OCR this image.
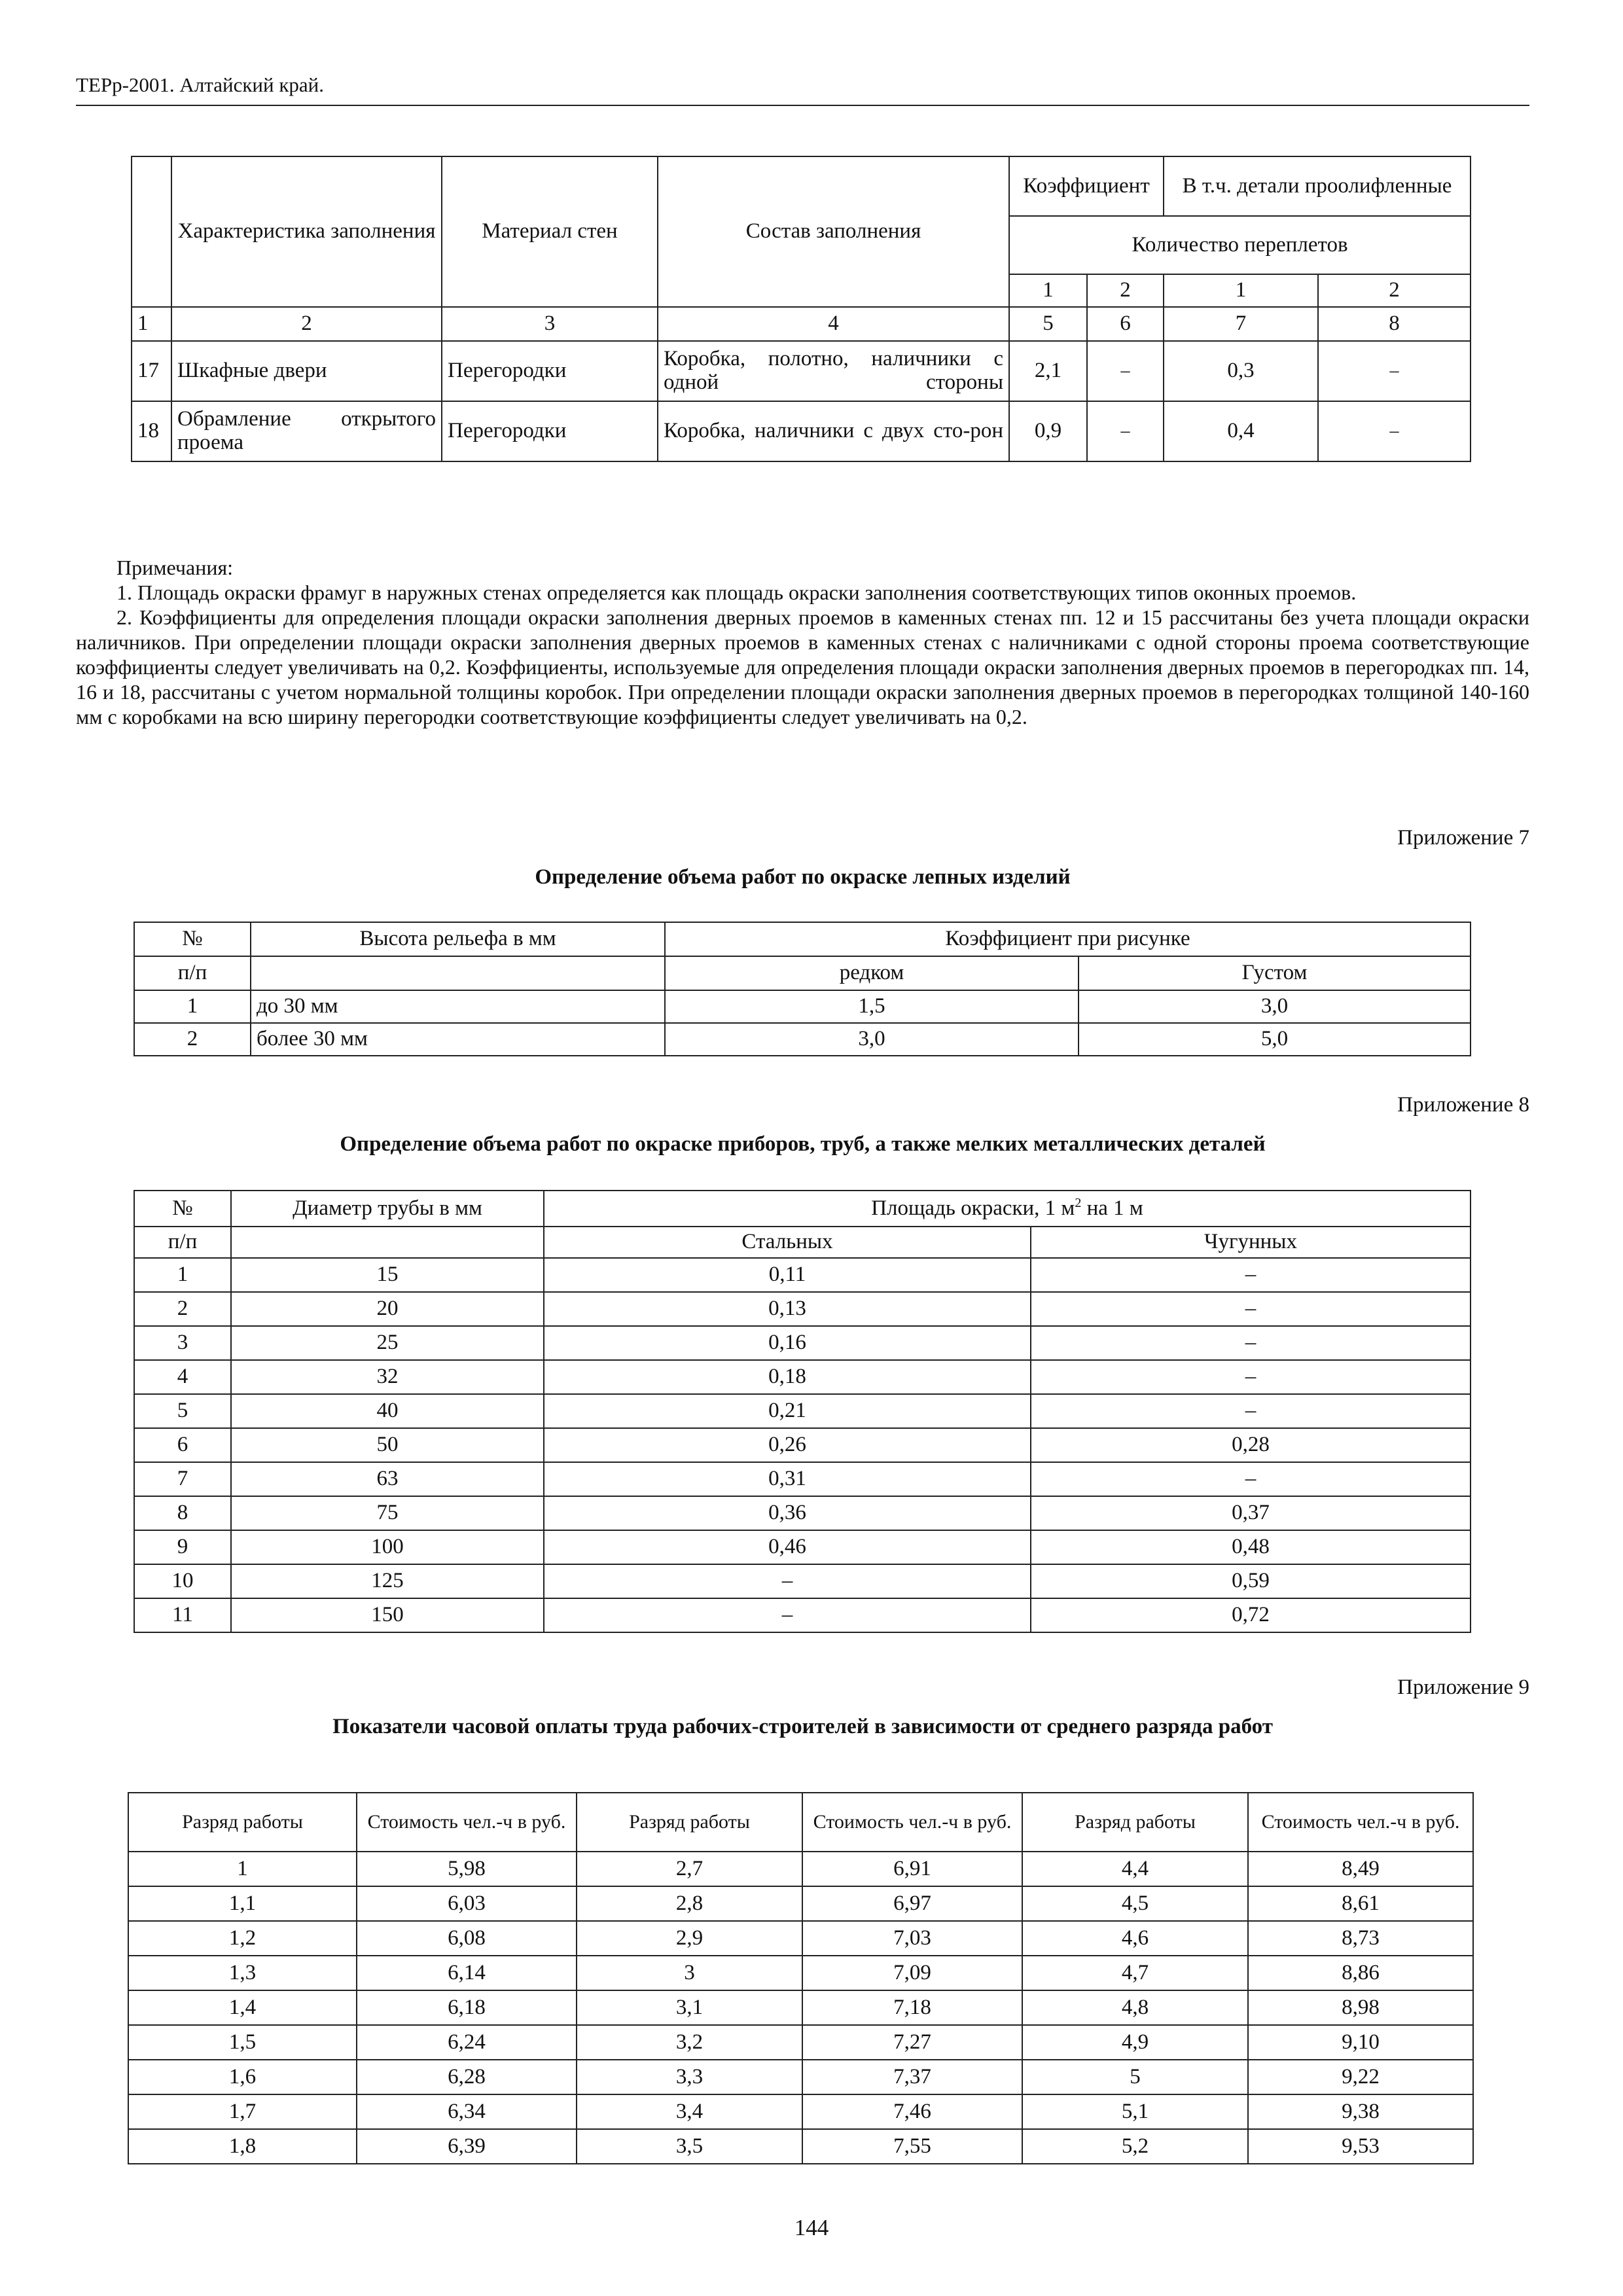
ТЕРр-2001. Алтайский край.
	Характеристика заполнения	Материал стен	Состав заполнения	Коэффициент		В т.ч. детали проолифленные	
				Количество переплетов			
				1	2	1	2
1	2	3	4	5	6	7	8
17	Шкафные двери	Перегородки	Коробка, полотно, наличники с одной стороны	2,1	–	0,3	–
18	Обрамление открытого проема	Перегородки	Коробка, наличники с двух сто-рон	0,9	–	0,4	–

Примечания:

1. Площадь окраски фрамуг в наружных стенах определяется как площадь окраски заполнения соответствующих типов оконных проемов.

2. Коэффициенты для определения площади окраски заполнения дверных проемов в каменных стенах пп. 12 и 15 рассчитаны без учета площади окраски наличников. При определении площади окраски заполнения дверных проемов в каменных стенах с наличниками с одной стороны проема соответствующие коэффициенты следует увеличивать на 0,2. Коэффициенты, используемые для определения площади окраски заполнения дверных проемов в перегородках пп. 14, 16 и 18, рассчитаны с учетом нормальной толщины коробок. При определении площади окраски заполнения дверных проемов в перегородках толщиной 140-160 мм с коробками на всю ширину перегородки соответствующие коэффициенты следует увеличивать на 0,2.

Приложение 7
Определение объема работ по окраске лепных изделий
№	Высота рельефа в мм	Коэффициент при рисунке	
п/п		редком	Густом
1	до 30 мм	1,5	3,0
2	более 30 мм	3,0	5,0
Приложение 8
Определение объема работ по окраске приборов, труб, а также мелких металлических деталей
№	Диаметр трубы в мм	Площадь окраски, 1 $м^2$ на 1 м	
п/п		Стальных	Чугунных
1	15	0,11	–
2	20	0,13	–
3	25	0,16	–
4	32	0,18	–
5	40	0,21	–
6	50	0,26	0,28
7	63	0,31	–
8	75	0,36	0,37
9	100	0,46	0,48
10	125	–	0,59
11	150	–	0,72
Приложение 9
Показатели часовой оплаты труда рабочих-строителей в зависимости от среднего разряда работ
Разряд работы	Стоимость чел.-ч в руб.	Разряд работы	Стоимость чел.-ч в руб.	Разряд работы	Стоимость чел.-ч в руб.
1	5,98	2,7	6,91	4,4	8,49
1,1	6,03	2,8	6,97	4,5	8,61
1,2	6,08	2,9	7,03	4,6	8,73
1,3	6,14	3	7,09	4,7	8,86
1,4	6,18	3,1	7,18	4,8	8,98
1,5	6,24	3,2	7,27	4,9	9,10
1,6	6,28	3,3	7,37	5	9,22
1,7	6,34	3,4	7,46	5,1	9,38
1,8	6,39	3,5	7,55	5,2	9,53
144
